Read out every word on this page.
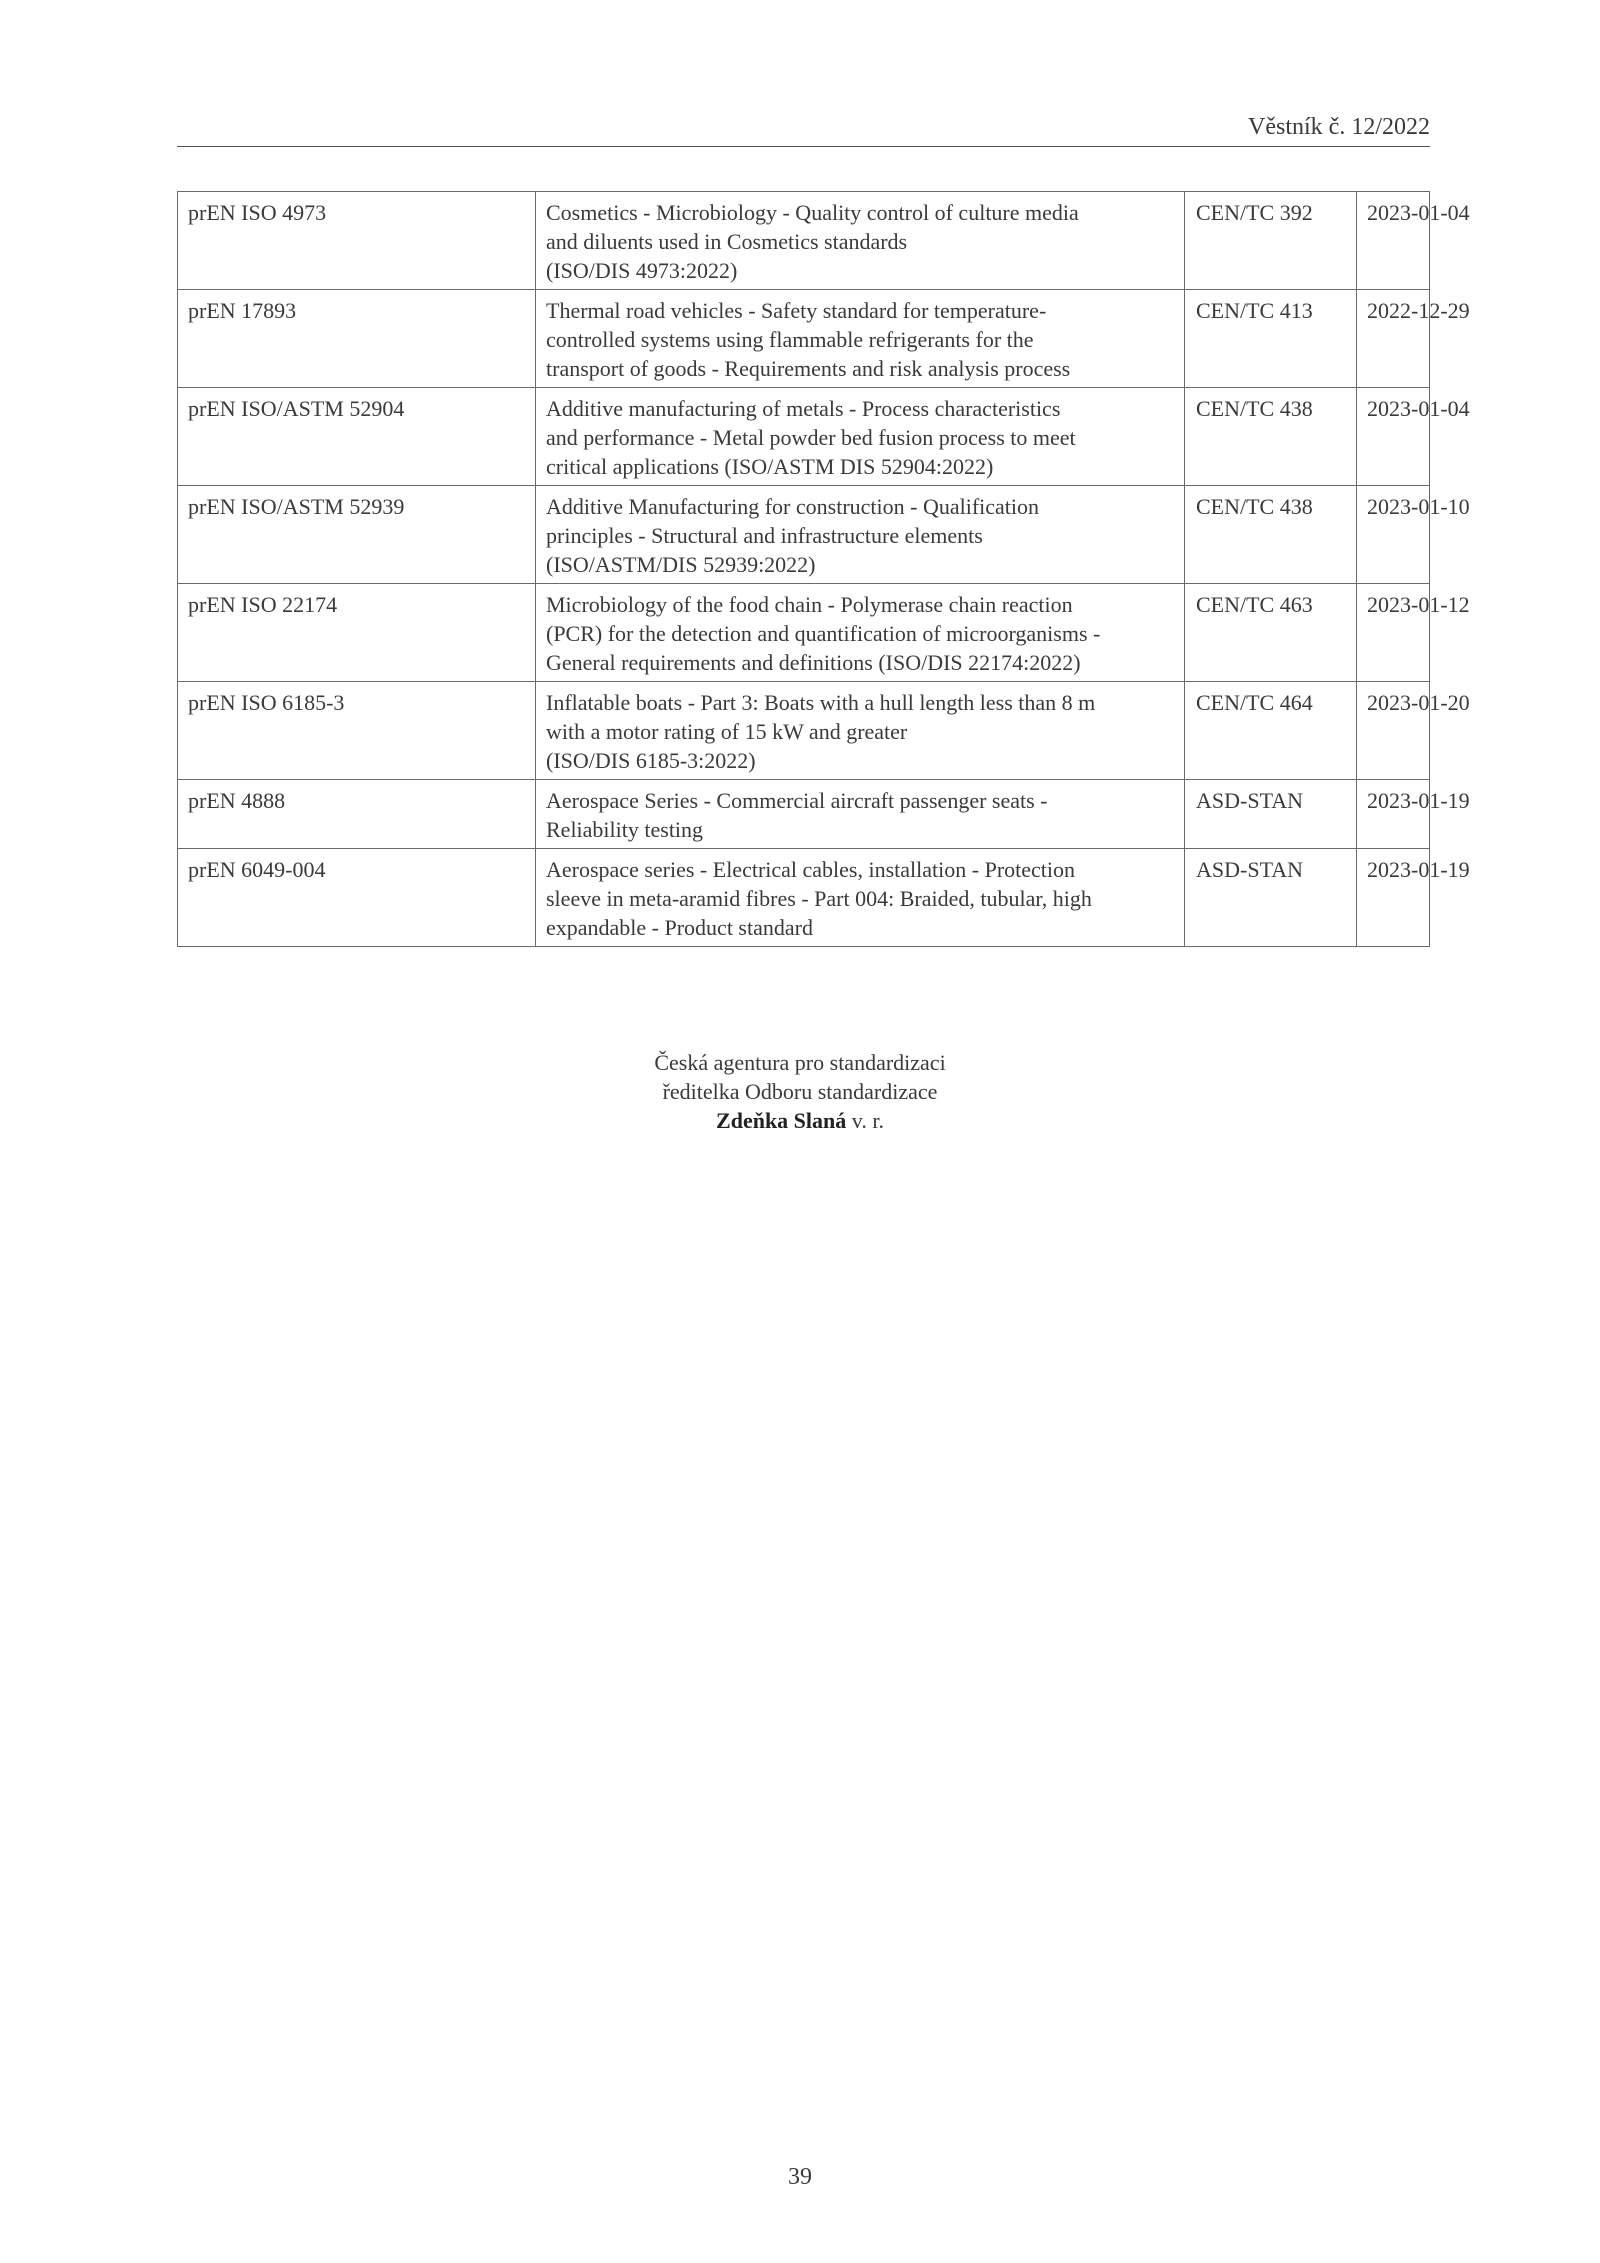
Věstník č. 12/2022
prEN ISO 4973	Cosmetics - Microbiology - Quality control of culture media
and diluents used in Cosmetics standards
(ISO/DIS 4973:2022)	CEN/TC 392	2023-01-04
prEN 17893	Thermal road vehicles - Safety standard for temperature-
controlled systems using flammable refrigerants for the
transport of goods - Requirements and risk analysis process	CEN/TC 413	2022-12-29
prEN ISO/ASTM 52904	Additive manufacturing of metals - Process characteristics
and performance - Metal powder bed fusion process to meet
critical applications (ISO/ASTM DIS 52904:2022)	CEN/TC 438	2023-01-04
prEN ISO/ASTM 52939	Additive Manufacturing for construction - Qualification
principles - Structural and infrastructure elements
(ISO/ASTM/DIS 52939:2022)	CEN/TC 438	2023-01-10
prEN ISO 22174	Microbiology of the food chain - Polymerase chain reaction
(PCR) for the detection and quantification of microorganisms -
General requirements and definitions (ISO/DIS 22174:2022)	CEN/TC 463	2023-01-12
prEN ISO 6185-3	Inflatable boats - Part 3: Boats with a hull length less than 8 m
with a motor rating of 15 kW and greater
(ISO/DIS 6185-3:2022)	CEN/TC 464	2023-01-20
prEN 4888	Aerospace Series - Commercial aircraft passenger seats -
Reliability testing	ASD-STAN	2023-01-19
prEN 6049-004	Aerospace series - Electrical cables, installation - Protection
sleeve in meta-aramid fibres - Part 004: Braided, tubular, high
expandable - Product standard	ASD-STAN	2023-01-19
Česká agentura pro standardizaci
ředitelka Odboru standardizace
Zdeňka Slaná v. r.
39
